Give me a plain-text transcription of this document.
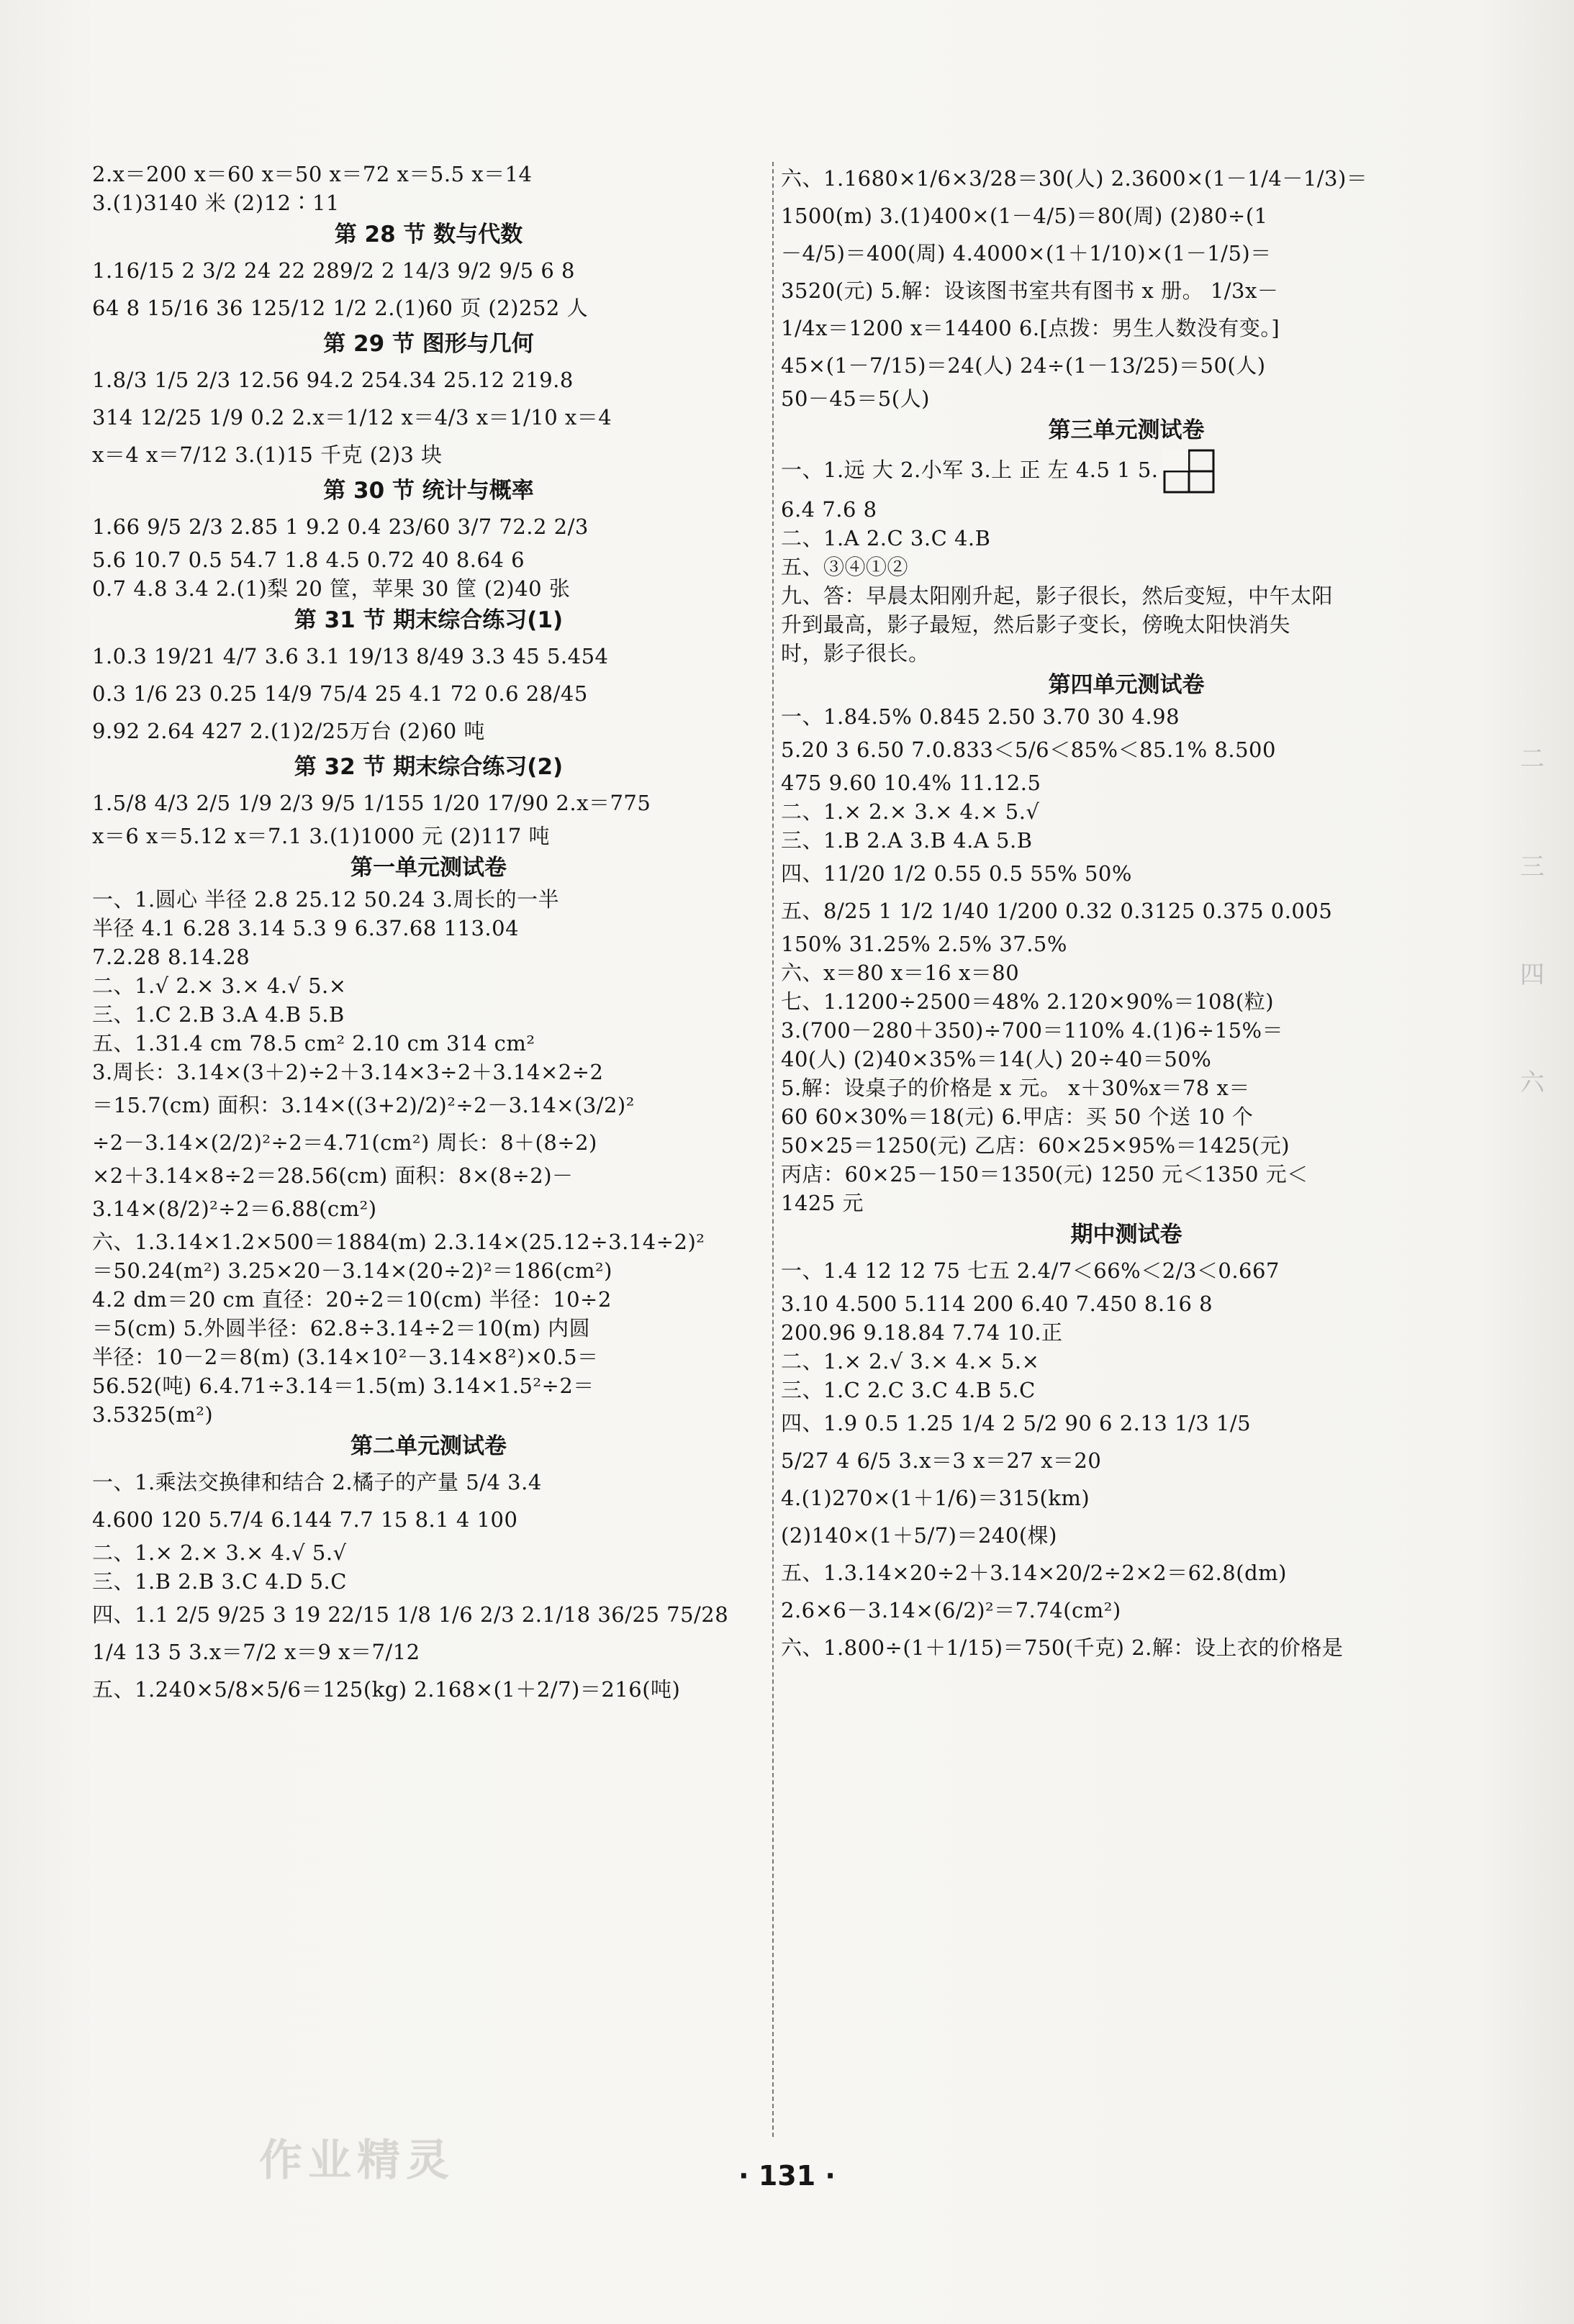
2.x＝200 x＝60 x＝50 x＝72 x＝5.5 x＝14
3.(1)3140 米 (2)12∶11
第 28 节 数与代数
1.16/15 2 3/2 24 22 289/2 2 14/3 9/2 9/5 6 8
64 8 15/16 36 125/12 1/2 2.(1)60 页 (2)252 人
第 29 节 图形与几何
1.8/3 1/5 2/3 12.56 94.2 254.34 25.12 219.8
314 12/25 1/9 0.2 2.x＝1/12 x＝4/3 x＝1/10 x＝4
x＝4 x＝7/12 3.(1)15 千克 (2)3 块
第 30 节 统计与概率
1.66 9/5 2/3 2.85 1 9.2 0.4 23/60 3/7 72.2 2/3
5.6 10.7 0.5 54.7 1.8 4.5 0.72 40 8.64 6
0.7 4.8 3.4 2.(1)梨 20 筐，苹果 30 筐 (2)40 张
第 31 节 期末综合练习(1)
1.0.3 19/21 4/7 3.6 3.1 19/13 8/49 3.3 45 5.454
0.3 1/6 23 0.25 14/9 75/4 25 4.1 72 0.6 28/45
9.92 2.64 427 2.(1)2/25万台 (2)60 吨
第 32 节 期末综合练习(2)
1.5/8 4/3 2/5 1/9 2/3 9/5 1/155 1/20 17/90 2.x＝775
x＝6 x＝5.12 x＝7.1 3.(1)1000 元 (2)117 吨
第一单元测试卷
一、1.圆心 半径 2.8 25.12 50.24 3.周长的一半
半径 4.1 6.28 3.14 5.3 9 6.37.68 113.04
7.2.28 8.14.28
二、1.√ 2.× 3.× 4.√ 5.×
三、1.C 2.B 3.A 4.B 5.B
五、1.31.4 cm 78.5 cm² 2.10 cm 314 cm²
3.周长：3.14×(3＋2)÷2＋3.14×3÷2＋3.14×2÷2
＝15.7(cm) 面积：3.14×((3+2)/2)²÷2－3.14×(3/2)²
÷2－3.14×(2/2)²÷2＝4.71(cm²) 周长：8＋(8÷2)
×2＋3.14×8÷2＝28.56(cm) 面积：8×(8÷2)－
3.14×(8/2)²÷2＝6.88(cm²)
六、1.3.14×1.2×500＝1884(m) 2.3.14×(25.12÷3.14÷2)²
＝50.24(m²) 3.25×20－3.14×(20÷2)²＝186(cm²)
4.2 dm＝20 cm 直径：20÷2＝10(cm) 半径：10÷2
＝5(cm) 5.外圆半径：62.8÷3.14÷2＝10(m) 内圆
半径：10－2＝8(m) (3.14×10²－3.14×8²)×0.5＝
56.52(吨) 6.4.71÷3.14＝1.5(m) 3.14×1.5²÷2＝
3.5325(m²)
第二单元测试卷
一、1.乘法交换律和结合 2.橘子的产量 5/4 3.4
4.600 120 5.7/4 6.144 7.7 15 8.1 4 100
二、1.× 2.× 3.× 4.√ 5.√
三、1.B 2.B 3.C 4.D 5.C
四、1.1 2/5 9/25 3 19 22/15 1/8 1/6 2/3 2.1/18 36/25 75/28
1/4 13 5 3.x＝7/2 x＝9 x＝7/12
五、1.240×5/8×5/6＝125(kg) 2.168×(1＋2/7)＝216(吨)
六、1.1680×1/6×3/28＝30(人) 2.3600×(1－1/4－1/3)＝
1500(m) 3.(1)400×(1－4/5)＝80(周) (2)80÷(1
－4/5)＝400(周) 4.4000×(1＋1/10)×(1－1/5)＝
3520(元) 5.解：设该图书室共有图书 x 册。 1/3x－
1/4x＝1200 x＝14400 6.[点拨：男生人数没有变。]
45×(1－7/15)＝24(人) 24÷(1－13/25)＝50(人)
50－45＝5(人)
第三单元测试卷
一、1.远 大 2.小军 3.上 正 左 4.5 1 5.
6.4 7.6 8
二、1.A 2.C 3.C 4.B
五、③④①②
九、答：早晨太阳刚升起，影子很长，然后变短，中午太阳
升到最高，影子最短，然后影子变长，傍晚太阳快消失
时，影子很长。
第四单元测试卷
一、1.84.5% 0.845 2.50 3.70 30 4.98
5.20 3 6.50 7.0.833＜5/6＜85%＜85.1% 8.500
475 9.60 10.4% 11.12.5
二、1.× 2.× 3.× 4.× 5.√
三、1.B 2.A 3.B 4.A 5.B
四、11/20 1/2 0.55 0.5 55% 50%
五、8/25 1 1/2 1/40 1/200 0.32 0.3125 0.375 0.005
150% 31.25% 2.5% 37.5%
六、x＝80 x＝16 x＝80
七、1.1200÷2500＝48% 2.120×90%＝108(粒)
3.(700－280＋350)÷700＝110% 4.(1)6÷15%＝
40(人) (2)40×35%＝14(人) 20÷40＝50%
5.解：设桌子的价格是 x 元。 x＋30%x＝78 x＝
60 60×30%＝18(元) 6.甲店：买 50 个送 10 个
50×25＝1250(元) 乙店：60×25×95%＝1425(元)
丙店：60×25－150＝1350(元) 1250 元＜1350 元＜
1425 元
期中测试卷
一、1.4 12 12 75 七五 2.4/7＜66%＜2/3＜0.667
3.10 4.500 5.114 200 6.40 7.450 8.16 8
200.96 9.18.84 7.74 10.正
二、1.× 2.√ 3.× 4.× 5.×
三、1.C 2.C 3.C 4.B 5.C
四、1.9 0.5 1.25 1/4 2 5/2 90 6 2.13 1/3 1/5
5/27 4 6/5 3.x＝3 x＝27 x＝20
4.(1)270×(1＋1/6)＝315(km)
(2)140×(1＋5/7)＝240(棵)
五、1.3.14×20÷2＋3.14×20/2÷2×2＝62.8(dm)
2.6×6－3.14×(6/2)²＝7.74(cm²)
六、1.800÷(1＋1/15)＝750(千克) 2.解：设上衣的价格是
二
三
四
六
作业精灵	· 131 ·
